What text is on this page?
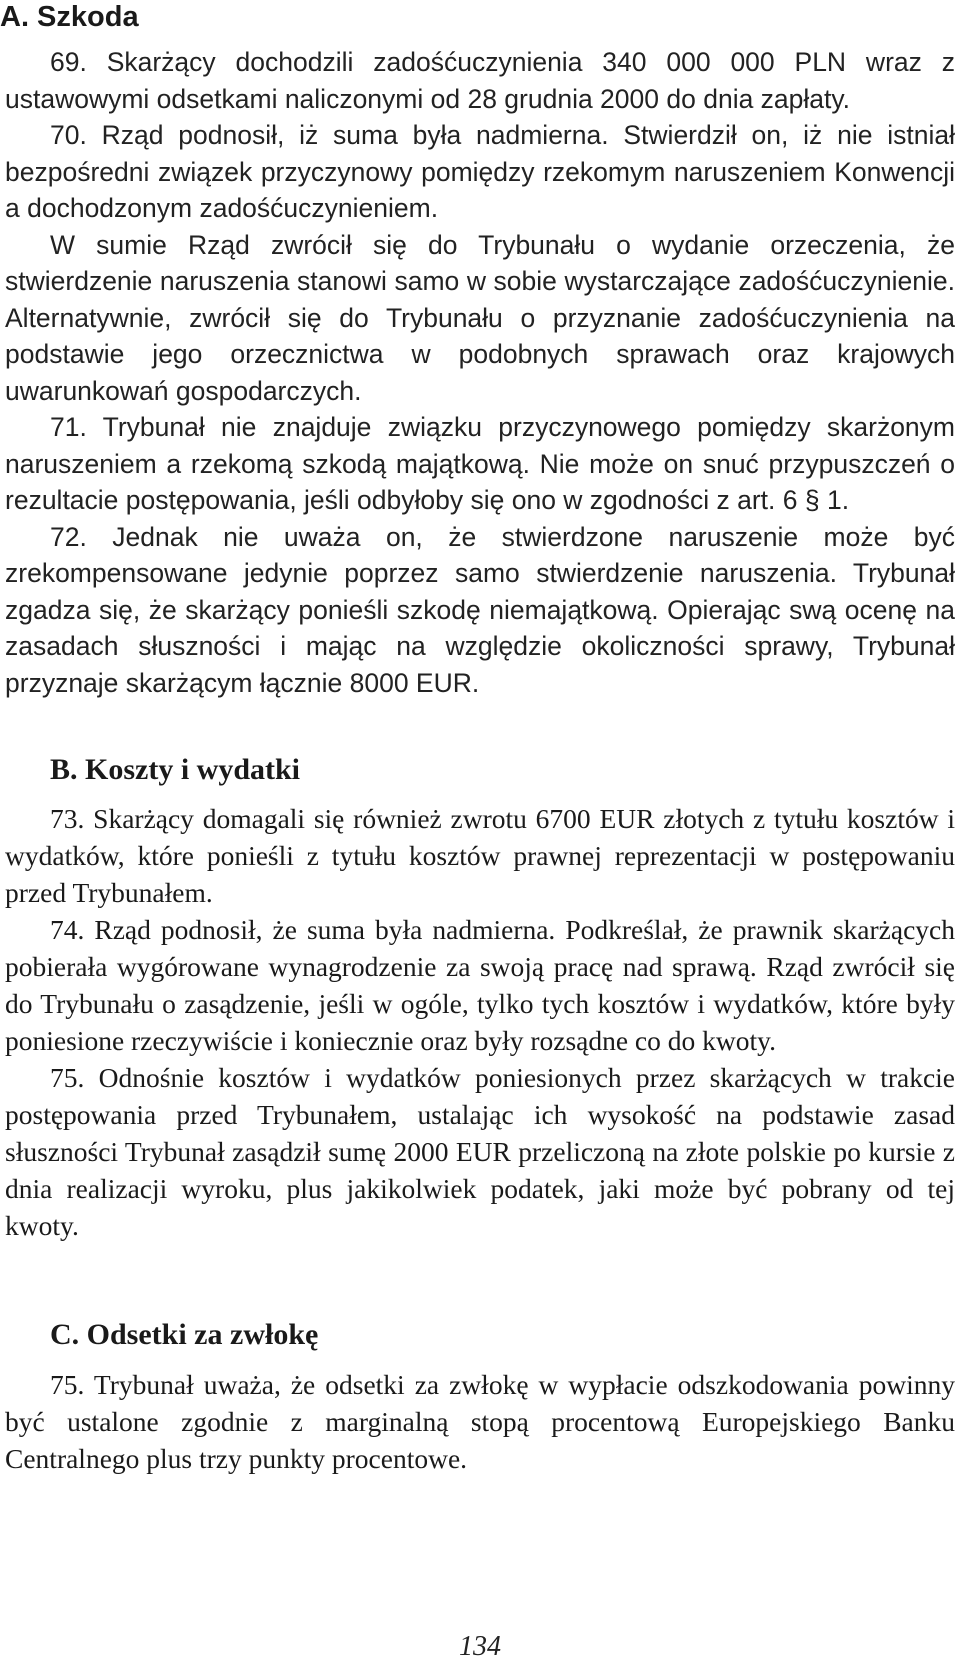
A. Szkoda

69. Skarżący dochodzili zadośćuczynienia 340 000 000 PLN wraz z ustawowymi odsetkami naliczonymi od 28 grudnia 2000 do dnia zapłaty.

70. Rząd podnosił, iż suma była nadmierna. Stwierdził on, iż nie istniał bezpośredni związek przyczynowy pomiędzy rzekomym naruszeniem Konwencji a dochodzonym zadośćuczynieniem.

W sumie Rząd zwrócił się do Trybunału o wydanie orzeczenia, że stwierdzenie naruszenia stanowi samo w sobie wystarczające zadośćuczynienie. Alternatywnie, zwrócił się do Trybunału o przyznanie zadośćuczynienia na podstawie jego orzecznictwa w podobnych sprawach oraz krajowych uwarunkowań gospodarczych.

71. Trybunał nie znajduje związku przyczynowego pomiędzy skarżonym naruszeniem a rzekomą szkodą majątkową. Nie może on snuć przypuszczeń o rezultacie postępowania, jeśli odbyłoby się ono w zgodności z art. 6 § 1.

72. Jednak nie uważa on, że stwierdzone naruszenie może być zrekompensowane jedynie poprzez samo stwierdzenie naruszenia. Trybunał zgadza się, że skarżący ponieśli szkodę niemajątkową. Opierając swą ocenę na zasadach słuszności i mając na względzie okoliczności sprawy, Trybunał przyznaje skarżącym łącznie 8000 EUR.

B. Koszty i wydatki

73. Skarżący domagali się również zwrotu 6700 EUR złotych z tytułu kosztów i wydatków, które ponieśli z tytułu kosztów prawnej reprezentacji w postępowaniu przed Trybunałem.

74. Rząd podnosił, że suma była nadmierna. Podkreślał, że prawnik skarżących pobierała wygórowane wynagrodzenie za swoją pracę nad sprawą. Rząd zwrócił się do Trybunału o zasądzenie, jeśli w ogóle, tylko tych kosztów i wydatków, które były poniesione rzeczywiście i koniecznie oraz były rozsądne co do kwoty.

75. Odnośnie kosztów i wydatków poniesionych przez skarżących w trakcie postępowania przed Trybunałem, ustalając ich wysokość na podstawie zasad słuszności Trybunał zasądził sumę 2000 EUR przeliczoną na złote polskie po kursie z dnia realizacji wyroku, plus jakikolwiek podatek, jaki może być pobrany od tej kwoty.

C. Odsetki za zwłokę

75. Trybunał uważa, że odsetki za zwłokę w wypłacie odszkodowania powinny być ustalone zgodnie z marginalną stopą procentową Europejskiego Banku Centralnego plus trzy punkty procentowe.

134
